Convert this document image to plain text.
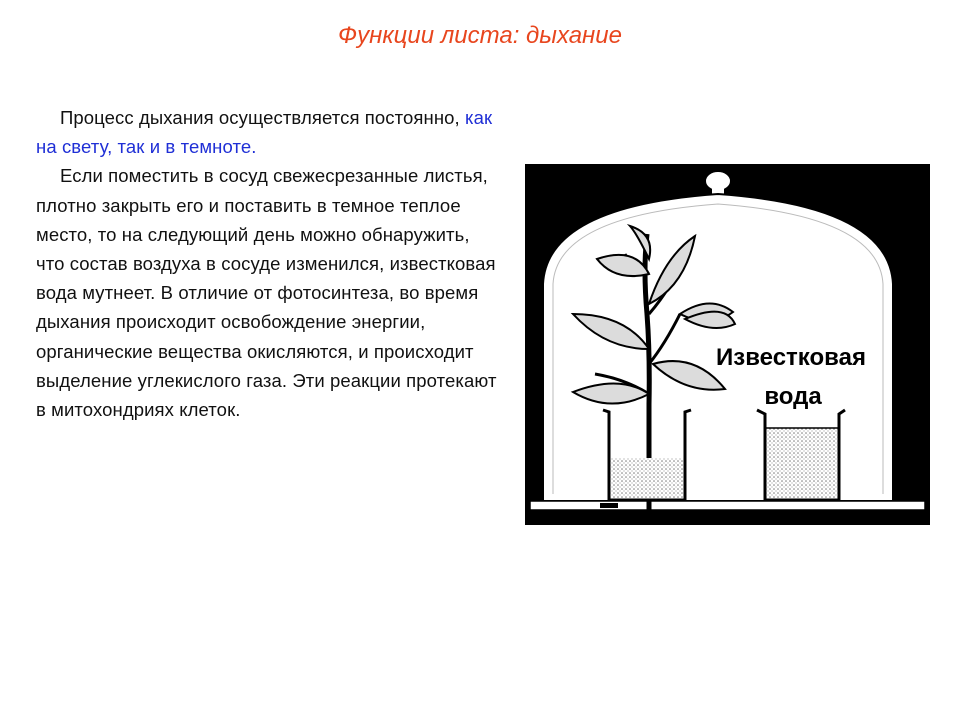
Функции листа: дыхание

Процесс дыхания осуществляется постоянно, как на свету, так и в темноте.

Если поместить в сосуд свежесрезанные листья, плотно закрыть его и поставить в темное теплое место, то на следующий день можно обнаружить, что состав воздуха в сосуде изменился, известковая вода мутнеет. В отличие от фотосинтеза, во время дыхания происходит освобождение энергии, органические вещества окисляются, и происходит выделение углекислого газа. Эти реакции протекают в митохондриях клеток.

Известковая
вода
